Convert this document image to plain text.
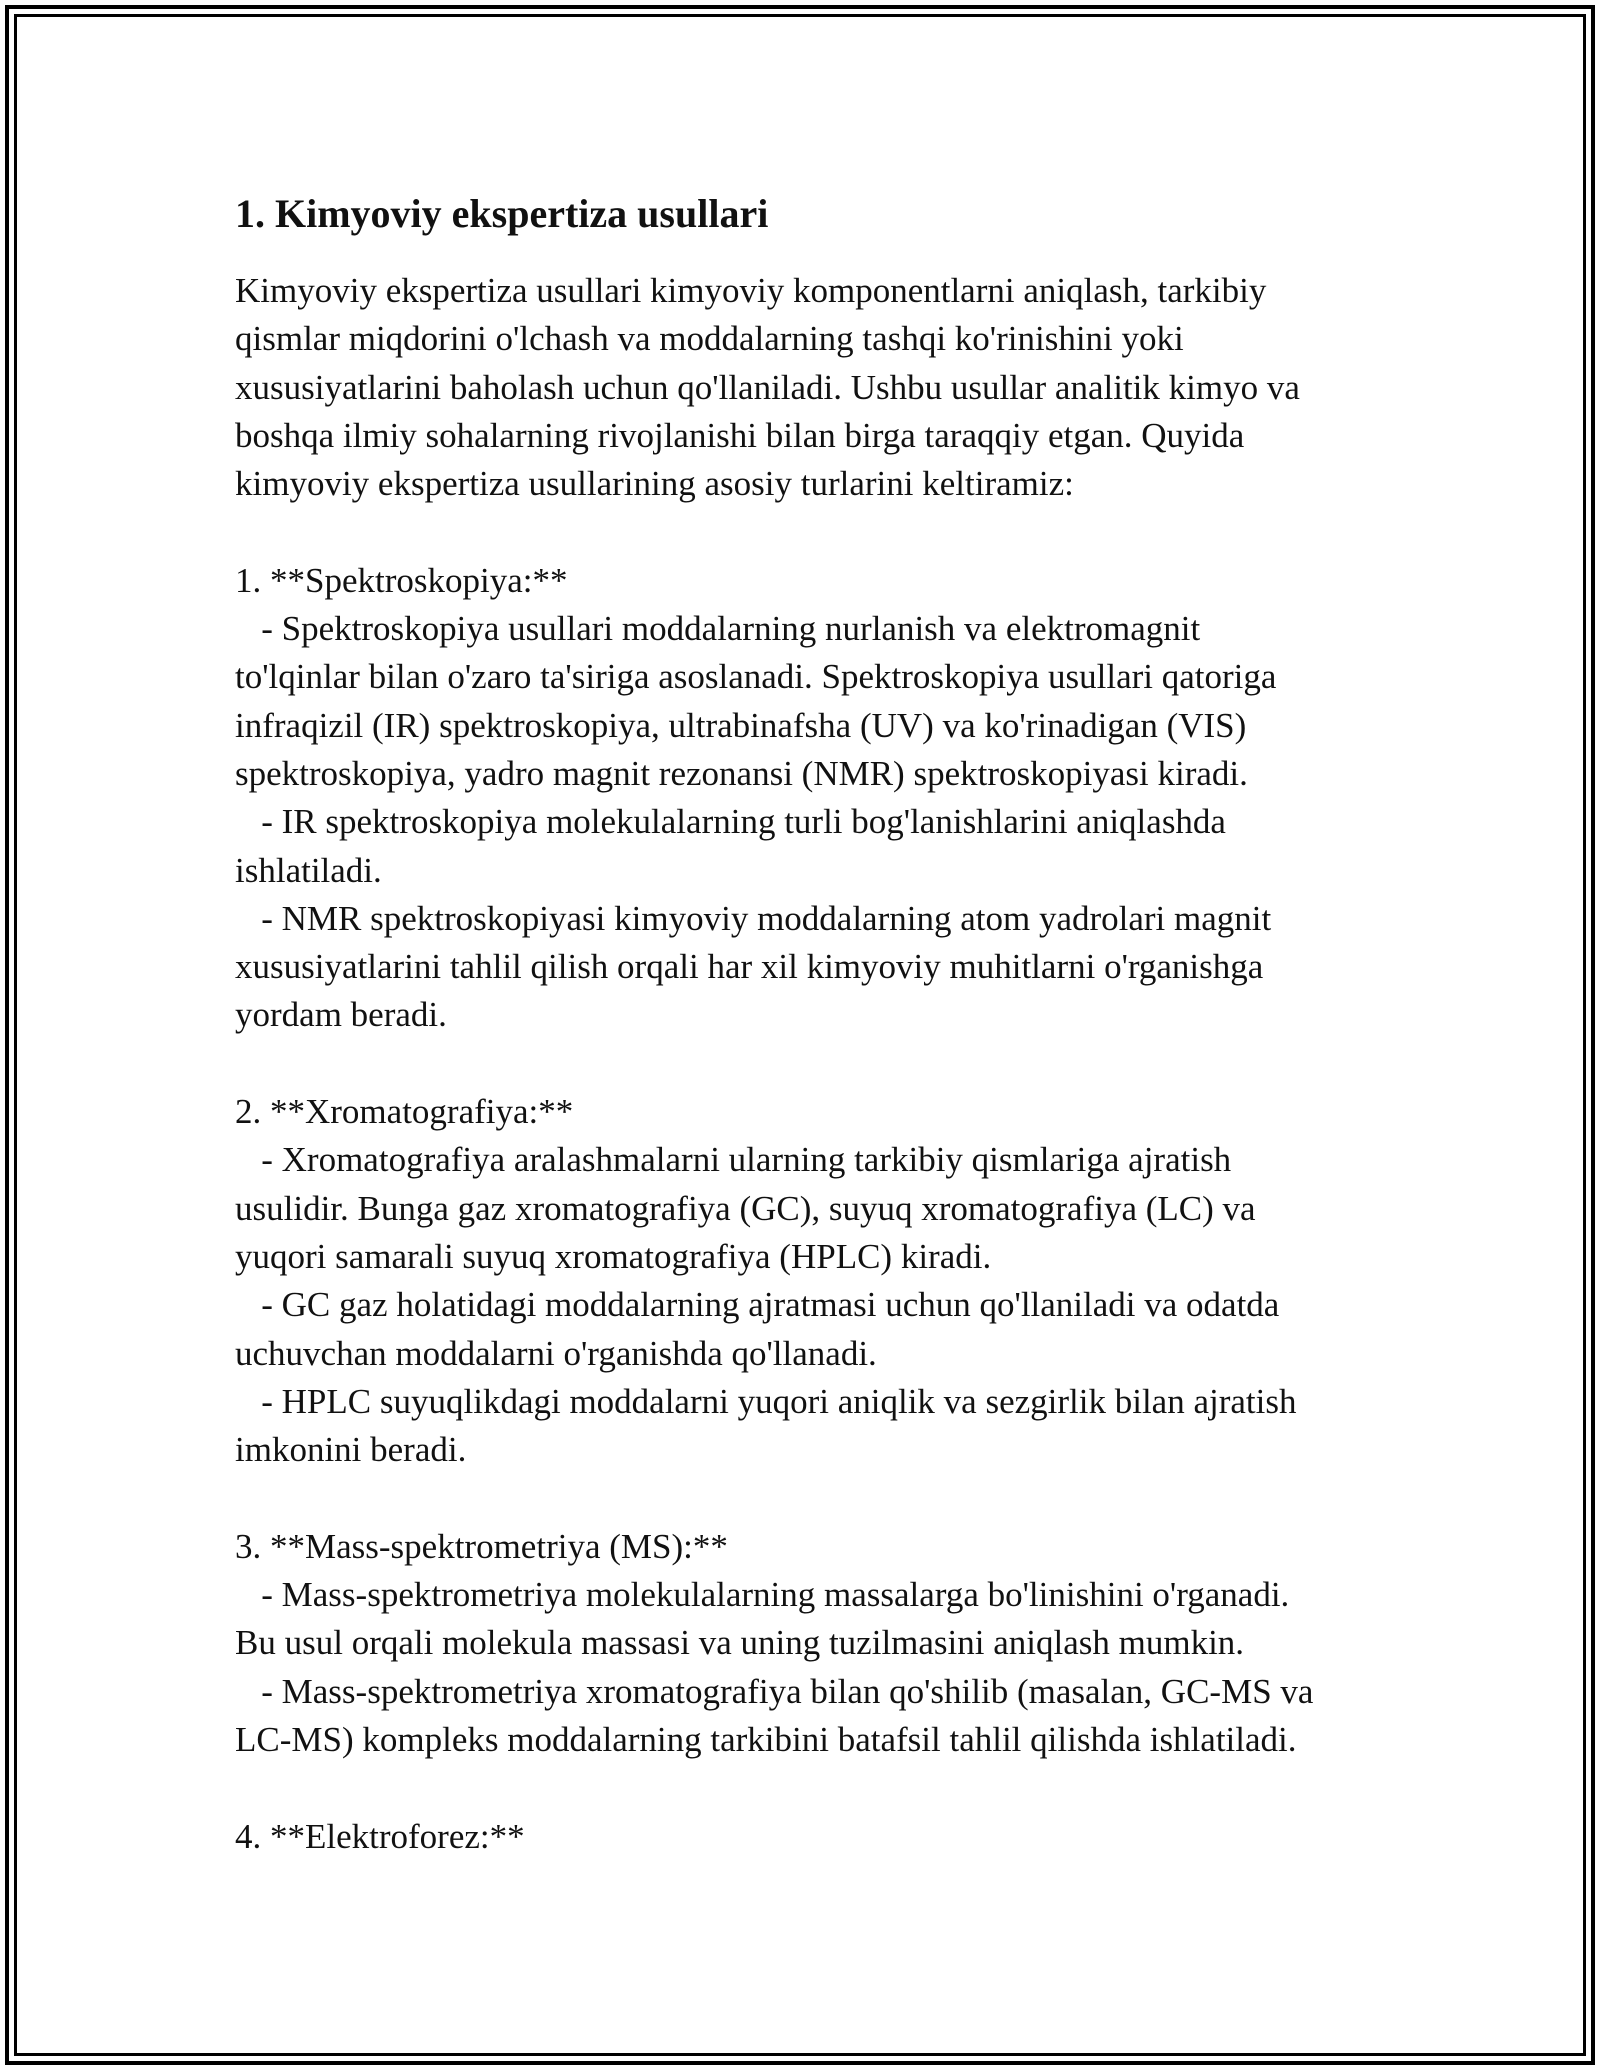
1. Kimyoviy ekspertiza usullari
Kimyoviy ekspertiza usullari kimyoviy komponentlarni aniqlash, tarkibiy
qismlar miqdorini o'lchash va moddalarning tashqi ko'rinishini yoki
xususiyatlarini baholash uchun qo'llaniladi. Ushbu usullar analitik kimyo va
boshqa ilmiy sohalarning rivojlanishi bilan birga taraqqiy etgan. Quyida
kimyoviy ekspertiza usullarining asosiy turlarini keltiramiz:
1. **Spektroskopiya:**
- Spektroskopiya usullari moddalarning nurlanish va elektromagnit
to'lqinlar bilan o'zaro ta'siriga asoslanadi. Spektroskopiya usullari qatoriga
infraqizil (IR) spektroskopiya, ultrabinafsha (UV) va ko'rinadigan (VIS)
spektroskopiya, yadro magnit rezonansi (NMR) spektroskopiyasi kiradi.
- IR spektroskopiya molekulalarning turli bog'lanishlarini aniqlashda
ishlatiladi.
- NMR spektroskopiyasi kimyoviy moddalarning atom yadrolari magnit
xususiyatlarini tahlil qilish orqali har xil kimyoviy muhitlarni o'rganishga
yordam beradi.
2. **Xromatografiya:**
- Xromatografiya aralashmalarni ularning tarkibiy qismlariga ajratish
usulidir. Bunga gaz xromatografiya (GC), suyuq xromatografiya (LC) va
yuqori samarali suyuq xromatografiya (HPLC) kiradi.
- GC gaz holatidagi moddalarning ajratmasi uchun qo'llaniladi va odatda
uchuvchan moddalarni o'rganishda qo'llanadi.
- HPLC suyuqlikdagi moddalarni yuqori aniqlik va sezgirlik bilan ajratish
imkonini beradi.
3. **Mass-spektrometriya (MS):**
- Mass-spektrometriya molekulalarning massalarga bo'linishini o'rganadi.
Bu usul orqali molekula massasi va uning tuzilmasini aniqlash mumkin.
- Mass-spektrometriya xromatografiya bilan qo'shilib (masalan, GC-MS va
LC-MS) kompleks moddalarning tarkibini batafsil tahlil qilishda ishlatiladi.
4. **Elektroforez:**
